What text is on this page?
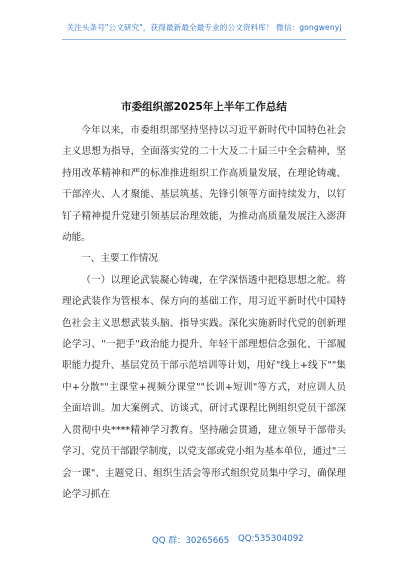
关注头条号"公文研究"，获得最新最全最专业的公文资料库！ 微信：gongwenyj
市委组织部2025年上半年工作总结

今年以来，市委组织部坚持坚持以习近平新时代中国特色社会主义思想为指导，全面落实党的二十大及二十届三中全会精神，坚持用改革精神和严的标准推进组织工作高质量发展，在理论铸魂、干部淬火、人才聚能、基层筑基、先锋引领等方面持续发力，以钉钉子精神提升党建引领基层治理效能，为推动高质量发展注入澎湃动能。

一、主要工作情况

（一）以理论武装凝心铸魂，在学深悟透中把稳思想之舵。将理论武装作为管根本、保方向的基础工作，用习近平新时代中国特色社会主义思想武装头脑、指导实践。深化实施新时代党的创新理论学习、"一把手"政治能力提升、年轻干部理想信念强化、干部履职能力提升、基层党员干部示范培训等计划，用好"线上+线下""集中+分散""主课堂+视频分课堂""长训+短训"等方式，对应训人员全面培训。加大案例式、访谈式、研讨式课程比例组织党员干部深入贯彻中央****精神学习教育。坚持融会贯通，建立领导干部带头学习、党员干部跟学制度，以党支部或党小组为基本单位，通过"三会一课"、主题党日、组织生活会等形式组织党员集中学习，确保理论学习抓在

QQ 群：30265665 QQ:535304092
